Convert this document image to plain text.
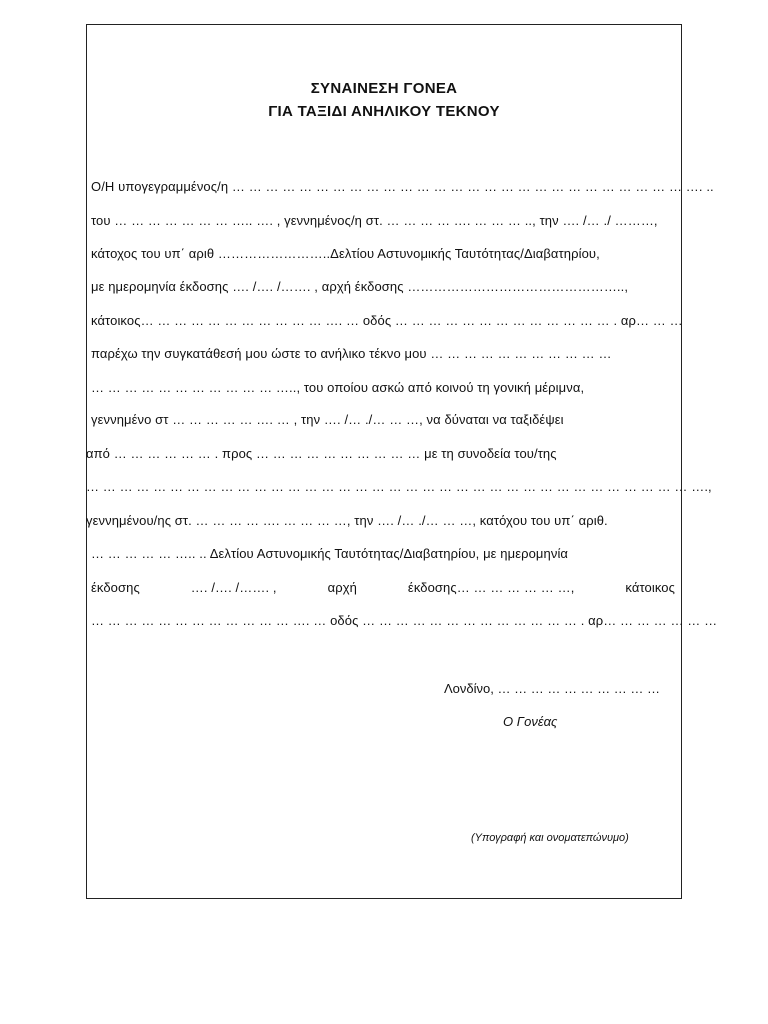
ΣΥΝΑΙΝΕΣΗ ΓΟΝΕΑ
ΓΙΑ ΤΑΞΙΔΙ ΑΝΗΛΙΚΟΥ ΤΕΚΝΟΥ
Ο/Η υπογεγραμμένος/η … … … … … … … … … … … … … … … … … … … … … … … … … … … …. ..
του … … … … … … … ….. …. , γεννημένος/η στ. … … … … …. … … … .., την …. /… ./ ………,
κάτοχος του υπ΄ αριθ ……………………..Δελτίου Αστυνομικής Ταυτότητας/Διαβατηρίου,
με ημερομηνία έκδοσης …. /…. /……. , αρχή έκδοσης …………………………………………..,
κάτοικος… … … … … … … … … … … …. … οδός … … … … … … … … … … … … … . αρ… … …
παρέχω την συγκατάθεσή μου ώστε το ανήλικο τέκνο μου … … … … … … … … … … …
… … … … … … … … … … … ….., του οποίου ασκώ από κοινού τη γονική μέριμνα,
γεννημένο στ … … … … … …. … , την …. /… ./… … …, να δύναται να ταξιδέψει
από … … … … … … . προς … … … … … … … … … … με τη συνοδεία του/της
… … … … … … … … … … … … … … … … … … … … … … … … … … … … … … … … … … … … ….,
γεννημένου/ης στ. … … … … …. … … … …, την …. /… ./… … …, κατόχου του υπ΄ αριθ.
… … … … … ….. .. Δελτίου Αστυνομικής Ταυτότητας/Διαβατηρίου, με ημερομηνία
έκδοσης	…. /…. /……. ,	αρχή	έκδοσης… … … … … … …,	κάτοικος
… … … … … … … … … … … … …. … οδός … … … … … … … … … … … … … . αρ… … … … … … …
Λονδίνο, … … … … … … … … … …
Ο Γονέας
(Υπογραφή και ονοματεπώνυμο)
